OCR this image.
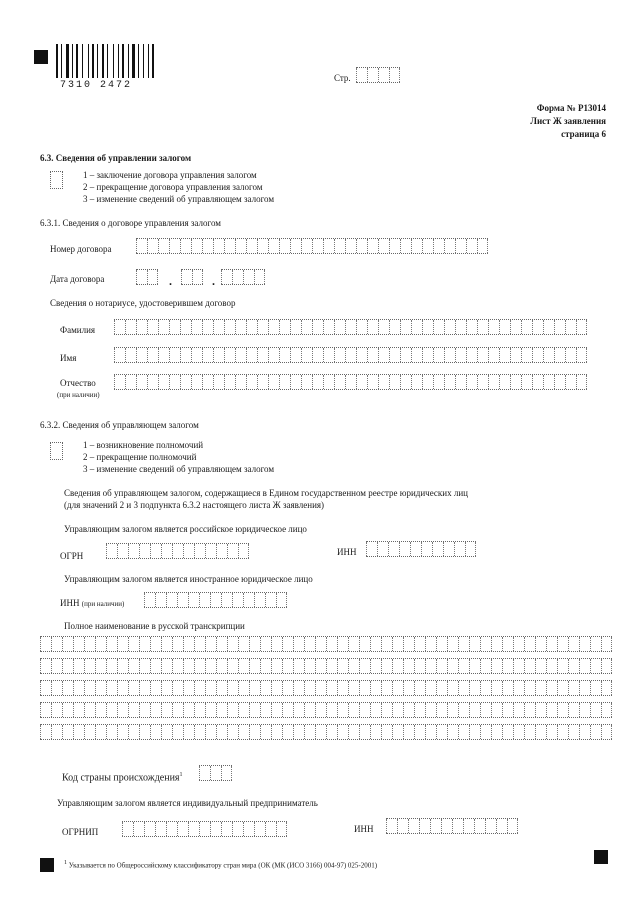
7310 2472
Стр.
Форма № Р13014
Лист Ж заявления
страница 6
6.3. Сведения об управлении залогом
1 – заключение договора управления залогом
2 – прекращение договора управления залогом
3 – изменение сведений об управляющем залогом
6.3.1. Сведения о договоре управления залогом
Номер договора
Дата договора	.	.
Сведения о нотариусе, удостоверившем договор
Фамилия
Имя
Отчество
(при наличии)
6.3.2. Сведения об управляющем залогом
1 – возникновение полномочий
2 – прекращение полномочий
3 – изменение сведений об управляющем залогом
Сведения об управляющем залогом, содержащиеся в Едином государственном реестре юридических лиц
(для значений 2 и 3 подпункта 6.3.2 настоящего листа Ж заявления)
Управляющим залогом является российское юридическое лицо
ОГРН	ИНН
Управляющим залогом является иностранное юридическое лицо
ИНН (при наличии)
Полное наименование в русской транскрипции
Код страны происхождения$^1$
Управляющим залогом является индивидуальный предприниматель
ОГРНИП	ИНН
$^1$ Указывается по Общероссийскому классификатору стран мира (ОК (МК (ИСО 3166) 004-97) 025-2001)
